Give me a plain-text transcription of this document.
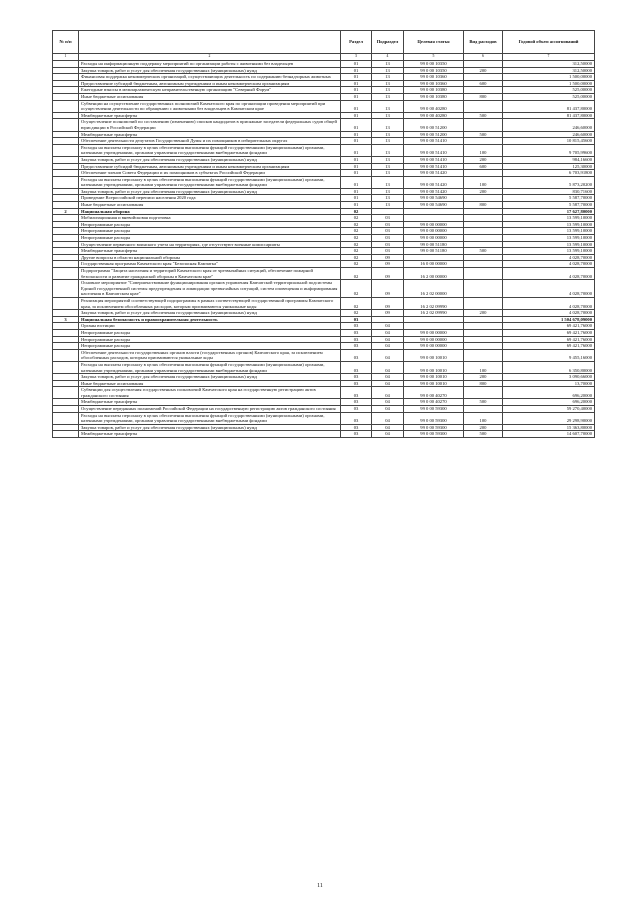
№ п/п		Раздел	Подраздел	Целевая статья	Вид расходов	Годовой объем ассигнований
1	2	3	4	5	6	7
	Расходы на информационную поддержку мероприятий по организации работы с животными без владельцев	01	13	99 0 00 10350		312,50000
	Закупка товаров, работ и услуг для обеспечения государственных (муниципальных) нужд	01	13	99 0 00 10350	200	312,50000
	Финансовая поддержка некоммерческих организаций, осуществляющих деятельность по содержанию безнадзорных животных	01	13	99 0 00 10360		1 500,00000
	Предоставление субсидий бюджетным, автономным учреждениям и иным некоммерческим организациям	01	13	99 0 00 10360	600	1 500,00000
	Ежегодные взносы в межпарламентскую неправительственную организацию "Северный Форум"	01	13	99 0 00 10380		525,00000
	Иные бюджетные ассигнования	01	13	99 0 00 10380	800	525,00000
	Субвенции на осуществление государственных полномочий Камчатского края по организации проведения мероприятий при осуществлении деятельности по обращению с животными без владельцев в Камчатском крае	01	13	99 0 00 40280		81 437,80000
	Межбюджетные трансферты	01	13	99 0 00 40280	500	81 437,80000
	Осуществление полномочий по составлению (изменению) списков кандидатов в присяжные заседатели федеральных судов общей юрисдикции в Российской Федерации	01	13	99 0 00 51200		246,60000
	Межбюджетные трансферты	01	13	99 0 00 51200	500	246,60000
	Обеспечение деятельности депутатов Государственной Думы и их помощников в избирательных округах	01	13	99 0 00 51410		10 815,45600
	Расходы на выплаты персоналу в целях обеспечения выполнения функций государственными (муниципальными) органами, казенными учреждениями, органами управления государственными внебюджетными фондами	01	13	99 0 00 51410	100	9 705,99600
	Закупка товаров, работ и услуг для обеспечения государственных (муниципальных) нужд	01	13	99 0 00 51410	200	984,16600
	Предоставление субсидий бюджетным, автономным учреждениям и иным некоммерческим организациям	01	13	99 0 00 51410	600	125,30000
	Обеспечение членов Совета Федерации и их помощников в субъектах Российской Федерации	01	13	99 0 00 51420		6 703,91800
	Расходы на выплаты персоналу в целях обеспечения выполнения функций государственными (муниципальными) органами, казенными учреждениями, органами управления государственными внебюджетными фондами	01	13	99 0 00 51420	100	5 873,20200
	Закупка товаров, работ и услуг для обеспечения государственных (муниципальных) нужд	01	13	99 0 00 51420	200	830,71600
	Проведение Всероссийской переписи населения 2020 года	01	13	99 0 00 54690		5 587,70000
	Иные бюджетные ассигнования	01	13	99 0 00 54690	800	5 587,70000
2	Национальная оборона	02				17 627,80000
	Мобилизационная и вневойсковая подготовка	02	03			13 599,10000
	Непрограммные расходы	02	03	99 0 00 00000		13 599,10000
	Непрограммные расходы	02	03	99 0 00 00000		13 599,10000
	Непрограммные расходы	02	03	99 0 00 00000		13 599,10000
	Осуществление первичного воинского учета на территориях, где отсутствуют военные комиссариаты	02	03	99 0 00 51180		13 599,10000
	Межбюджетные трансферты	02	03	99 0 00 51180	500	13 599,10000
	Другие вопросы в области национальной обороны	02	09			4 028,70000
	Государственная программа Камчатского края "Безопасная Камчатка"	02	09	16 0 00 00000		4 028,70000
	Подпрограмма "Защита населения и территорий Камчатского края от чрезвычайных ситуаций, обеспечение пожарной безопасности и развитие гражданской обороны в Камчатском крае"	02	09	16 2 00 00000		4 028,70000
	Основное мероприятие "Совершенствование функционирования органов управления Камчатской территориальной подсистемы Единой государственной системы предупреждения и ликвидации чрезвычайных ситуаций, систем оповещения и информирования населения в Камчатском крае"	02	09	16 2 02 00000		4 028,70000
	Реализация мероприятий соответствующей подпрограммы в рамках соответствующей государственной программы Камчатского края, за исключением обособленных расходов, которым присваиваются уникальные коды	02	09	16 2 02 09990		4 028,70000
	Закупка товаров, работ и услуг для обеспечения государственных (муниципальных) нужд	02	09	16 2 02 09990	200	4 028,70000
3	Национальная безопасность и правоохранительная деятельность	03				1 504 678,09000
	Органы юстиции	03	04			69 421,76000
	Непрограммные расходы	03	04	99 0 00 00000		69 421,76000
	Непрограммные расходы	03	04	99 0 00 00000		69 421,76000
	Непрограммные расходы	03	04	99 0 00 00000		69 421,76000
	Обеспечение деятельности государственных органов власти (государственных органов) Камчатского края, за исключением обособленных расходов, которым присваиваются уникальные коды	03	04	99 0 00 10010		9 455,16000
	Расходы на выплаты персоналу в целях обеспечения выполнения функций государственными (муниципальными) органами, казенными учреждениями, органами управления государственными внебюджетными фондами	03	04	99 0 00 10010	100	6 350,80000
	Закупка товаров, работ и услуг для обеспечения государственных (муниципальных) нужд	03	04	99 0 00 10010	200	3 090,66000
	Иные бюджетные ассигнования	03	04	99 0 00 10010	800	13,70000
	Субвенции для осуществления государственных полномочий Камчатского края на государственную регистрацию актов гражданского состояния	03	04	99 0 00 40270		696,20000
	Межбюджетные трансферты	03	04	99 0 00 40270	500	696,20000
	Осуществление переданных полномочий Российской Федерации на государственную регистрацию актов гражданского состояния	03	04	99 0 00 59300		59 270,40000
	Расходы на выплаты персоналу в целях обеспечения выполнения функций государственными (муниципальными) органами, казенными учреждениями, органами управления государственными внебюджетными фондами	03	04	99 0 00 59300	100	29 298,90000
	Закупка товаров, работ и услуг для обеспечения государственных (муниципальных) нужд	03	04	99 0 00 59300	200	15 363,80000
	Межбюджетные трансферты	03	04	99 0 00 59300	500	14 607,70000
11
